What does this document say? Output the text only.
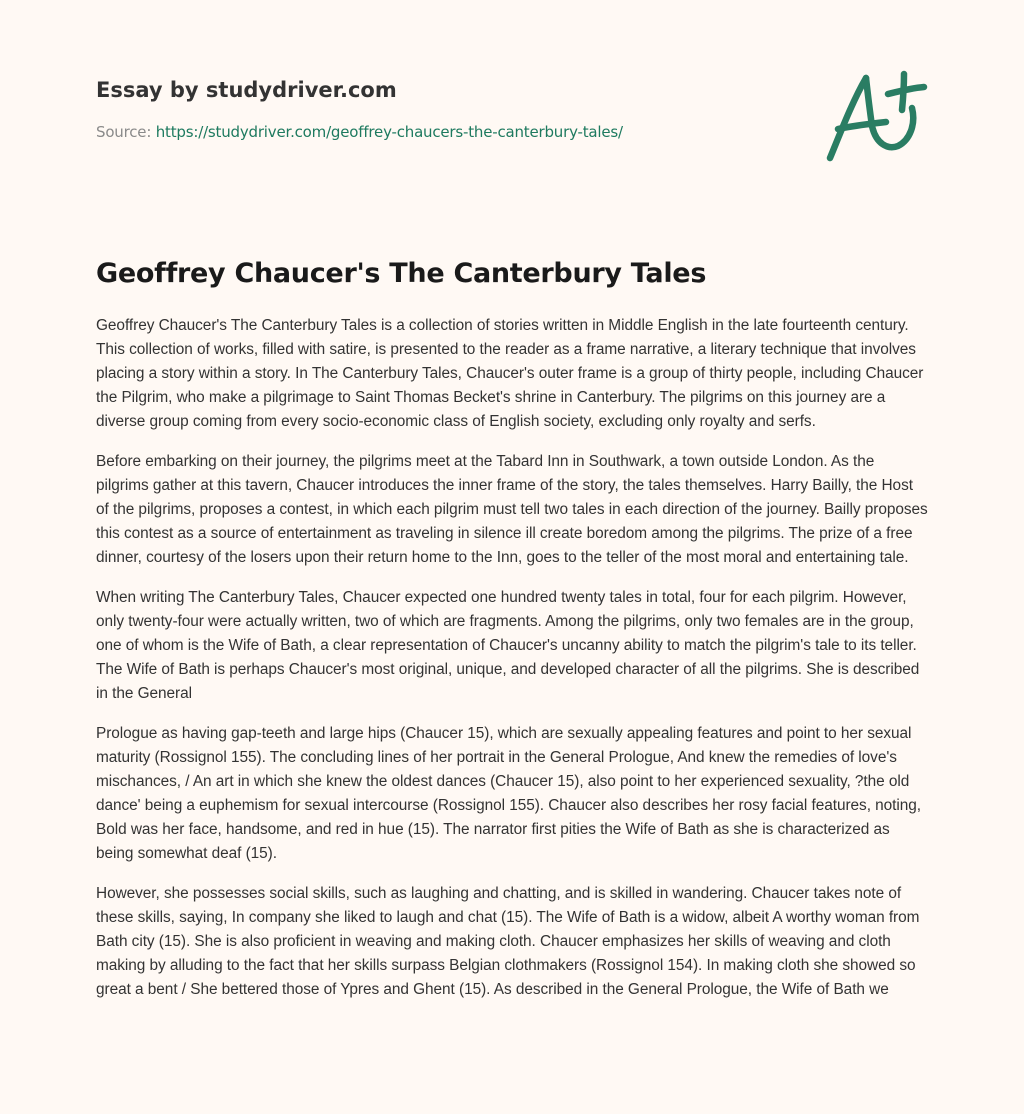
Essay by studydriver.com
Source: https://studydriver.com/geoffrey-chaucers-the-canterbury-tales/
Geoffrey Chaucer's The Canterbury Tales

Geoffrey Chaucer's The Canterbury Tales is a collection of stories written in Middle English in the late fourteenth century. This collection of works, filled with satire, is presented to the reader as a frame narrative, a literary technique that involves placing a story within a story. In The Canterbury Tales, Chaucer's outer frame is a group of thirty people, including Chaucer the Pilgrim, who make a pilgrimage to Saint Thomas Becket's shrine in Canterbury. The pilgrims on this journey are a diverse group coming from every socio-economic class of English society, excluding only royalty and serfs.

Before embarking on their journey, the pilgrims meet at the Tabard Inn in Southwark, a town outside London. As the pilgrims gather at this tavern, Chaucer introduces the inner frame of the story, the tales themselves. Harry Bailly, the Host of the pilgrims, proposes a contest, in which each pilgrim must tell two tales in each direction of the journey. Bailly proposes this contest as a source of entertainment as traveling in silence ill create boredom among the pilgrims. The prize of a free dinner, courtesy of the losers upon their return home to the Inn, goes to the teller of the most moral and entertaining tale.

When writing The Canterbury Tales, Chaucer expected one hundred twenty tales in total, four for each pilgrim. However, only twenty-four were actually written, two of which are fragments. Among the pilgrims, only two females are in the group, one of whom is the Wife of Bath, a clear representation of Chaucer's uncanny ability to match the pilgrim's tale to its teller.

The Wife of Bath is perhaps Chaucer's most original, unique, and developed character of all the pilgrims. She is described in the General

Prologue as having gap-teeth and large hips (Chaucer 15), which are sexually appealing features and point to her sexual maturity (Rossignol 155). The concluding lines of her portrait in the General Prologue, And knew the remedies of love's mischances, / An art in which she knew the oldest dances (Chaucer 15), also point to her experienced sexuality, ?the old dance' being a euphemism for sexual intercourse (Rossignol 155). Chaucer also describes her rosy facial features, noting, Bold was her face, handsome, and red in hue (15). The narrator first pities the Wife of Bath as she is characterized as being somewhat deaf (15).

However, she possesses social skills, such as laughing and chatting, and is skilled in wandering. Chaucer takes note of these skills, saying, In company she liked to laugh and chat (15). The Wife of Bath is a widow, albeit A worthy woman from Bath city (15). She is also proficient in weaving and making cloth. Chaucer emphasizes her skills of weaving and cloth making by alluding to the fact that her skills surpass Belgian clothmakers (Rossignol 154). In making cloth she showed so great a bent / She bettered those of Ypres and Ghent (15). As described in the General Prologue, the Wife of Bath we
